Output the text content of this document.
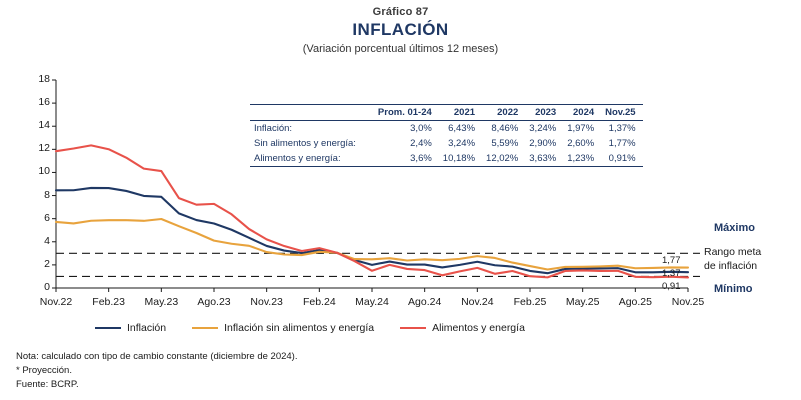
Gráfico 87
INFLACIÓN
(Variación porcentual últimos 12 meses)
0
2
4
6
8
10
12
14
16
18
Nov.22	Feb.23	May.23	Ago.23	Nov.23	Feb.24	May.24	Ago.24	Nov.24	Feb.25	May.25	Ago.25	Nov.25
	Prom. 01-24	2021	2022	2023	2024	Nov.25
Inflación:	3,0%	6,43%	8,46%	3,24%	1,97%	1,37%
Sin alimentos y energía:	2,4%	3,24%	5,59%	2,90%	2,60%	1,77%
Alimentos y energía:	3,6%	10,18%	12,02%	3,63%	1,23%	0,91%
Máximo
Rango meta
de inflación
Mínimo
1,77
1,37
0,91
Inflación	Inflación sin alimentos y energía	Alimentos y energía
Nota: calculado con tipo de cambio constante (diciembre de 2024).
* Proyección.
Fuente: BCRP.
